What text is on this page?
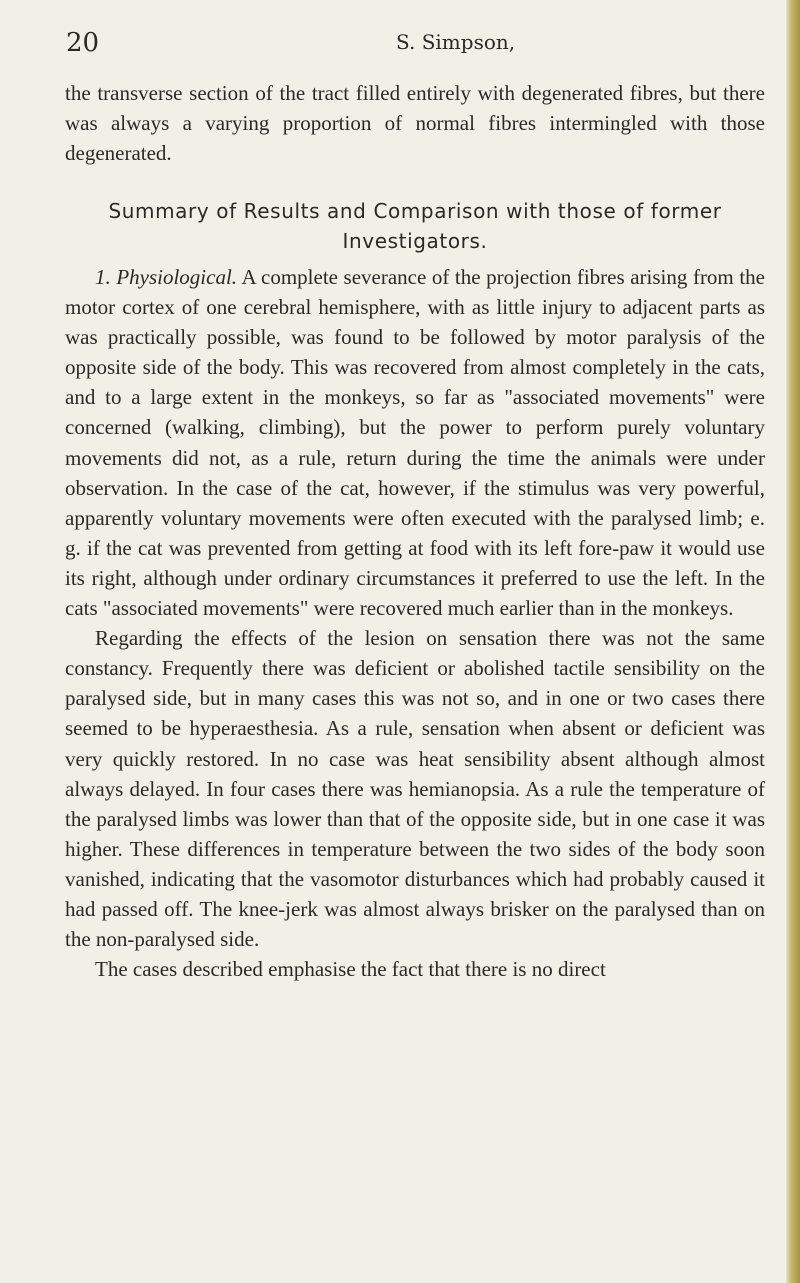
20	S. Simpson,

the transverse section of the tract filled entirely with degenerated fibres, but there was always a varying proportion of normal fibres intermingled with those degenerated.

Summary of Results and Comparison with those of former
Investigators.

1. Physiological. A complete severance of the projection fibres arising from the motor cortex of one cerebral hemisphere, with as little injury to adjacent parts as was practically possible, was found to be followed by motor paralysis of the opposite side of the body. This was recovered from almost completely in the cats, and to a large extent in the monkeys, so far as "associated movements" were concerned (walking, climbing), but the power to perform purely voluntary movements did not, as a rule, return during the time the animals were under observation. In the case of the cat, however, if the stimulus was very powerful, apparently voluntary movements were often executed with the paralysed limb; e. g. if the cat was prevented from getting at food with its left fore-paw it would use its right, although under ordinary circumstances it preferred to use the left. In the cats "associated movements" were recovered much earlier than in the monkeys.

Regarding the effects of the lesion on sensation there was not the same constancy. Frequently there was deficient or abolished tactile sensibility on the paralysed side, but in many cases this was not so, and in one or two cases there seemed to be hyperaesthesia. As a rule, sensation when absent or deficient was very quickly restored. In no case was heat sensibility absent although almost always delayed. In four cases there was hemianopsia. As a rule the temperature of the paralysed limbs was lower than that of the opposite side, but in one case it was higher. These differences in temperature between the two sides of the body soon vanished, indicating that the vasomotor disturbances which had probably caused it had passed off. The knee-jerk was almost always brisker on the paralysed than on the non-paralysed side.

The cases described emphasise the fact that there is no direct
